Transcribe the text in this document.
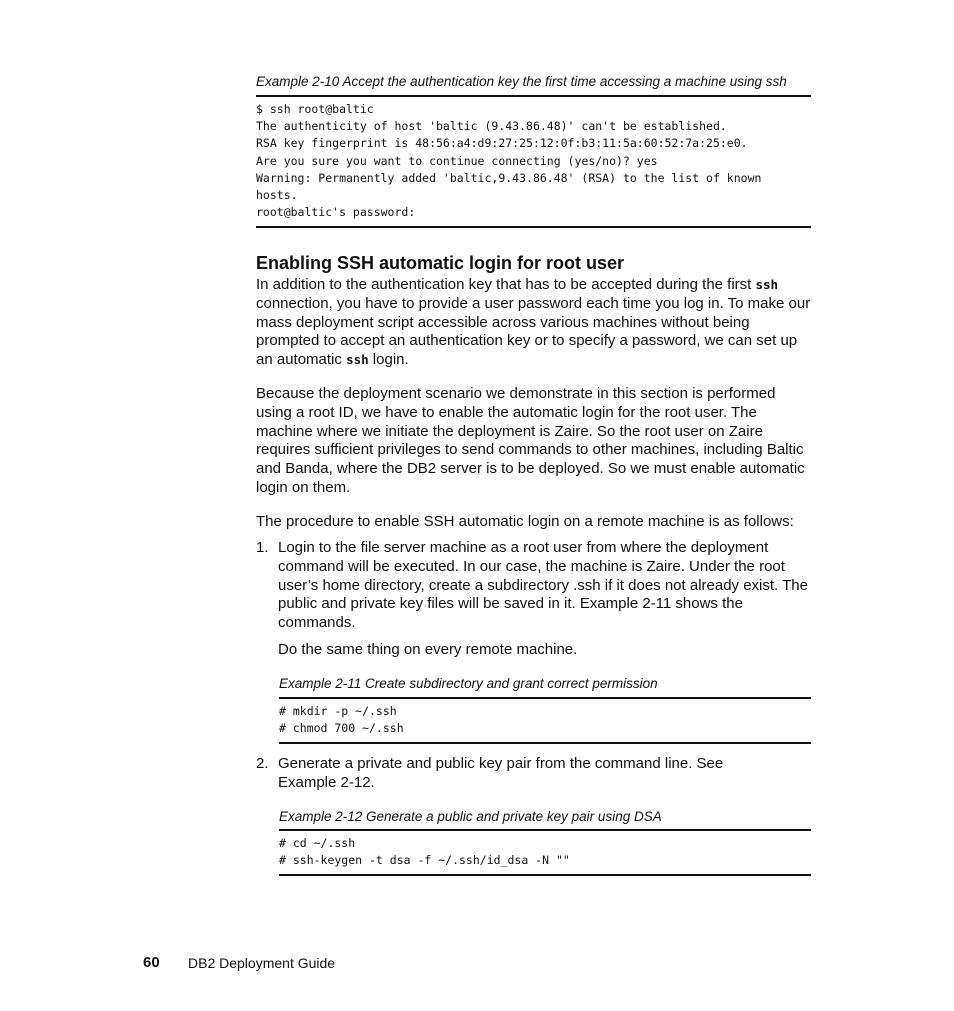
Example 2-10 Accept the authentication key the first time accessing a machine using ssh
$ ssh root@baltic
The authenticity of host 'baltic (9.43.86.48)' can't be established.
RSA key fingerprint is 48:56:a4:d9:27:25:12:0f:b3:11:5a:60:52:7a:25:e0.
Are you sure you want to continue connecting (yes/no)? yes
Warning: Permanently added 'baltic,9.43.86.48' (RSA) to the list of known
hosts.
root@baltic's password:
Enabling SSH automatic login for root user
In addition to the authentication key that has to be accepted during the first ssh connection, you have to provide a user password each time you log in. To make our mass deployment script accessible across various machines without being prompted to accept an authentication key or to specify a password, we can set up an automatic ssh login.
Because the deployment scenario we demonstrate in this section is performed using a root ID, we have to enable the automatic login for the root user. The machine where we initiate the deployment is Zaire. So the root user on Zaire requires sufficient privileges to send commands to other machines, including Baltic and Banda, where the DB2 server is to be deployed. So we must enable automatic login on them.
The procedure to enable SSH automatic login on a remote machine is as follows:
1. Login to the file server machine as a root user from where the deployment command will be executed. In our case, the machine is Zaire. Under the root user’s home directory, create a subdirectory .ssh if it does not already exist. The public and private key files will be saved in it. Example 2-11 shows the commands.
Do the same thing on every remote machine.
Example 2-11 Create subdirectory and grant correct permission
# mkdir -p ~/.ssh
# chmod 700 ~/.ssh
2. Generate a private and public key pair from the command line. See Example 2-12.
Example 2-12 Generate a public and private key pair using DSA
# cd ~/.ssh
# ssh-keygen -t dsa -f ~/.ssh/id_dsa -N ""
60 DB2 Deployment Guide
